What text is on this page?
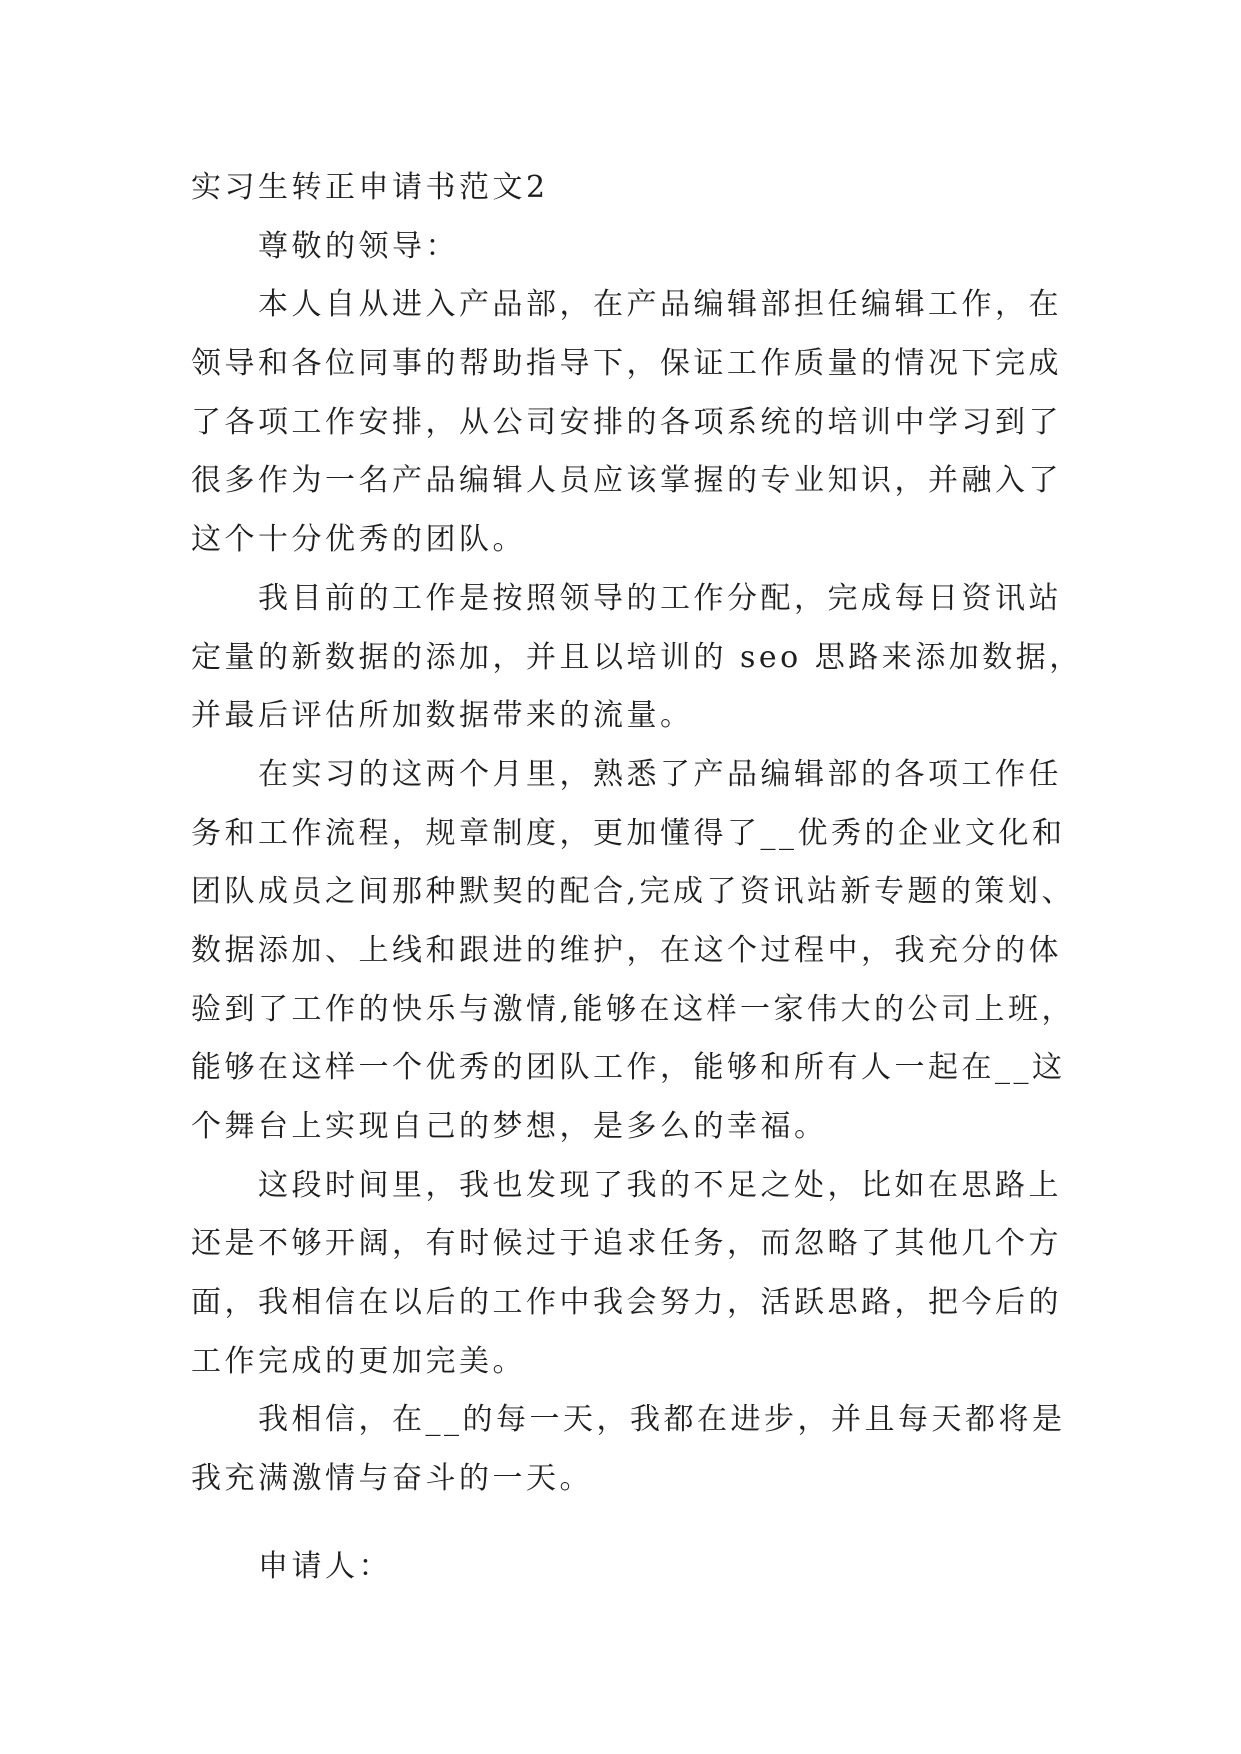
实习生转正申请书范文2
尊敬的领导：
本人自从进入产品部，在产品编辑部担任编辑工作，在
领导和各位同事的帮助指导下，保证工作质量的情况下完成
了各项工作安排，从公司安排的各项系统的培训中学习到了
很多作为一名产品编辑人员应该掌握的专业知识，并融入了
这个十分优秀的团队。
我目前的工作是按照领导的工作分配，完成每日资讯站
定量的新数据的添加，并且以培训的 seo 思路来添加数据，
并最后评估所加数据带来的流量。
在实习的这两个月里，熟悉了产品编辑部的各项工作任
务和工作流程，规章制度，更加懂得了__优秀的企业文化和
团队成员之间那种默契的配合,完成了资讯站新专题的策划、
数据添加、上线和跟进的维护，在这个过程中，我充分的体
验到了工作的快乐与激情,能够在这样一家伟大的公司上班，
能够在这样一个优秀的团队工作，能够和所有人一起在__这
个舞台上实现自己的梦想，是多么的幸福。
这段时间里，我也发现了我的不足之处，比如在思路上
还是不够开阔，有时候过于追求任务，而忽略了其他几个方
面，我相信在以后的工作中我会努力，活跃思路，把今后的
工作完成的更加完美。
我相信，在__的每一天，我都在进步，并且每天都将是
我充满激情与奋斗的一天。
申请人：
